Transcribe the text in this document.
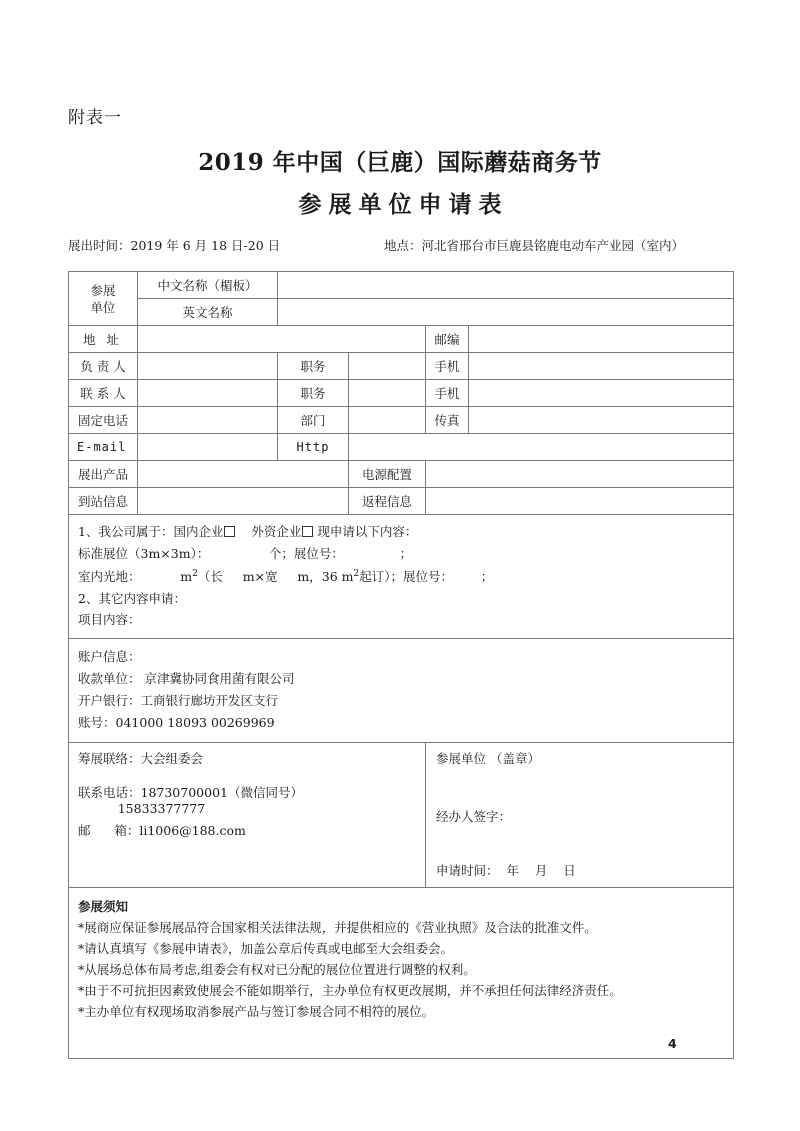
附表一
2019 年中国（巨鹿）国际蘑菇商务节
参展单位申请表
展出时间：2019 年 6 月 18 日-20 日	地点：河北省邢台市巨鹿县铭鹿电动车产业园（室内）
参展
单位	中文名称（楣板）				
	英文名称				
地址				邮编	
负责人		职务		手机	
联系人		职务		手机	
固定电话		部门		传真	
E-mail		Http			
展出产品			电源配置		
到站信息			返程信息		

1、我公司属于：国内企业    外资企业 现申请以下内容：
标准展位（3m×3m）：               个；展位号：              ；
室内光地：          $m^2$（长     m×宽     m，36 $m^2$起订）；展位号：       ；
2、其它内容申请：
项目内容：					

账户信息：
收款单位： 京津冀协同食用菌有限公司
开户银行：工商银行廊坊开发区支行
账号：041000 18093 00269969					

筹展联络：大会组委会
联系电话：18730700001（微信同号）
15833377777
邮      箱：li1006@188.com

参展单位 （盖章）
经办人签字：
申请时间：  年    月    日

参展须知
*展商应保证参展展品符合国家相关法律法规，并提供相应的《营业执照》及合法的批准文件。
*请认真填写《参展申请表》，加盖公章后传真或电邮至大会组委会。
*从展场总体布局考虑,组委会有权对已分配的展位位置进行调整的权利。
*由于不可抗拒因素致使展会不能如期举行，主办单位有权更改展期，并不承担任何法律经济责任。
*主办单位有权现场取消参展产品与签订参展合同不相符的展位。
4
